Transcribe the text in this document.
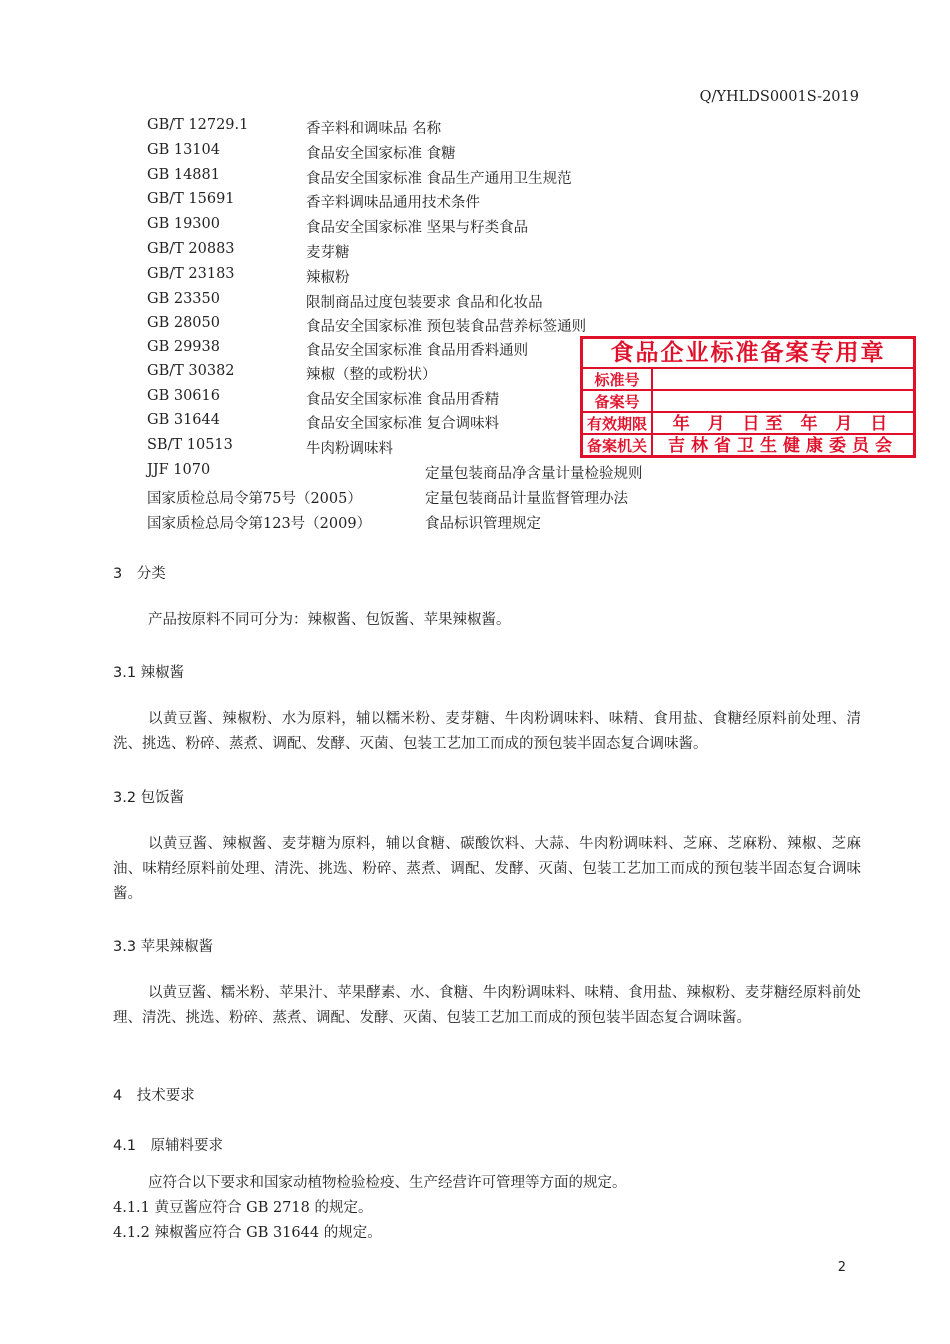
Q/YHLDS0001S-2019
GB/T 12729.1	香辛料和调味品 名称
GB 13104	食品安全国家标准 食糖
GB 14881	食品安全国家标准 食品生产通用卫生规范
GB/T 15691	香辛料调味品通用技术条件
GB 19300	食品安全国家标准 坚果与籽类食品
GB/T 20883	麦芽糖
GB/T 23183	辣椒粉
GB 23350	限制商品过度包装要求 食品和化妆品
GB 28050	食品安全国家标准 预包装食品营养标签通则
GB 29938	食品安全国家标准 食品用香料通则
GB/T 30382	辣椒（整的或粉状）
GB 30616	食品安全国家标准 食品用香精
GB 31644	食品安全国家标准 复合调味料
SB/T 10513	牛肉粉调味料
JJF 1070	定量包装商品净含量计量检验规则
国家质检总局令第75号（2005）	定量包装商品计量监督管理办法
国家质检总局令第123号（2009）	食品标识管理规定
食品企业标准备案专用章
标准号
备案号
有效期限	年 月 日至 年 月 日
备案机关	吉林省卫生健康委员会
3　分类
产品按原料不同可分为：辣椒酱、包饭酱、苹果辣椒酱。
3.1 辣椒酱
以黄豆酱、辣椒粉、水为原料，辅以糯米粉、麦芽糖、牛肉粉调味料、味精、食用盐、食糖经原料前处理、清洗、挑选、粉碎、蒸煮、调配、发酵、灭菌、包装工艺加工而成的预包装半固态复合调味酱。
3.2 包饭酱
以黄豆酱、辣椒酱、麦芽糖为原料，辅以食糖、碳酸饮料、大蒜、牛肉粉调味料、芝麻、芝麻粉、辣椒、芝麻油、味精经原料前处理、清洗、挑选、粉碎、蒸煮、调配、发酵、灭菌、包装工艺加工而成的预包装半固态复合调味酱。
3.3 苹果辣椒酱
以黄豆酱、糯米粉、苹果汁、苹果酵素、水、食糖、牛肉粉调味料、味精、食用盐、辣椒粉、麦芽糖经原料前处理、清洗、挑选、粉碎、蒸煮、调配、发酵、灭菌、包装工艺加工而成的预包装半固态复合调味酱。
4　技术要求
4.1　原辅料要求
应符合以下要求和国家动植物检验检疫、生产经营许可管理等方面的规定。
4.1.1 黄豆酱应符合 GB 2718 的规定。
4.1.2 辣椒酱应符合 GB 31644 的规定。
2
